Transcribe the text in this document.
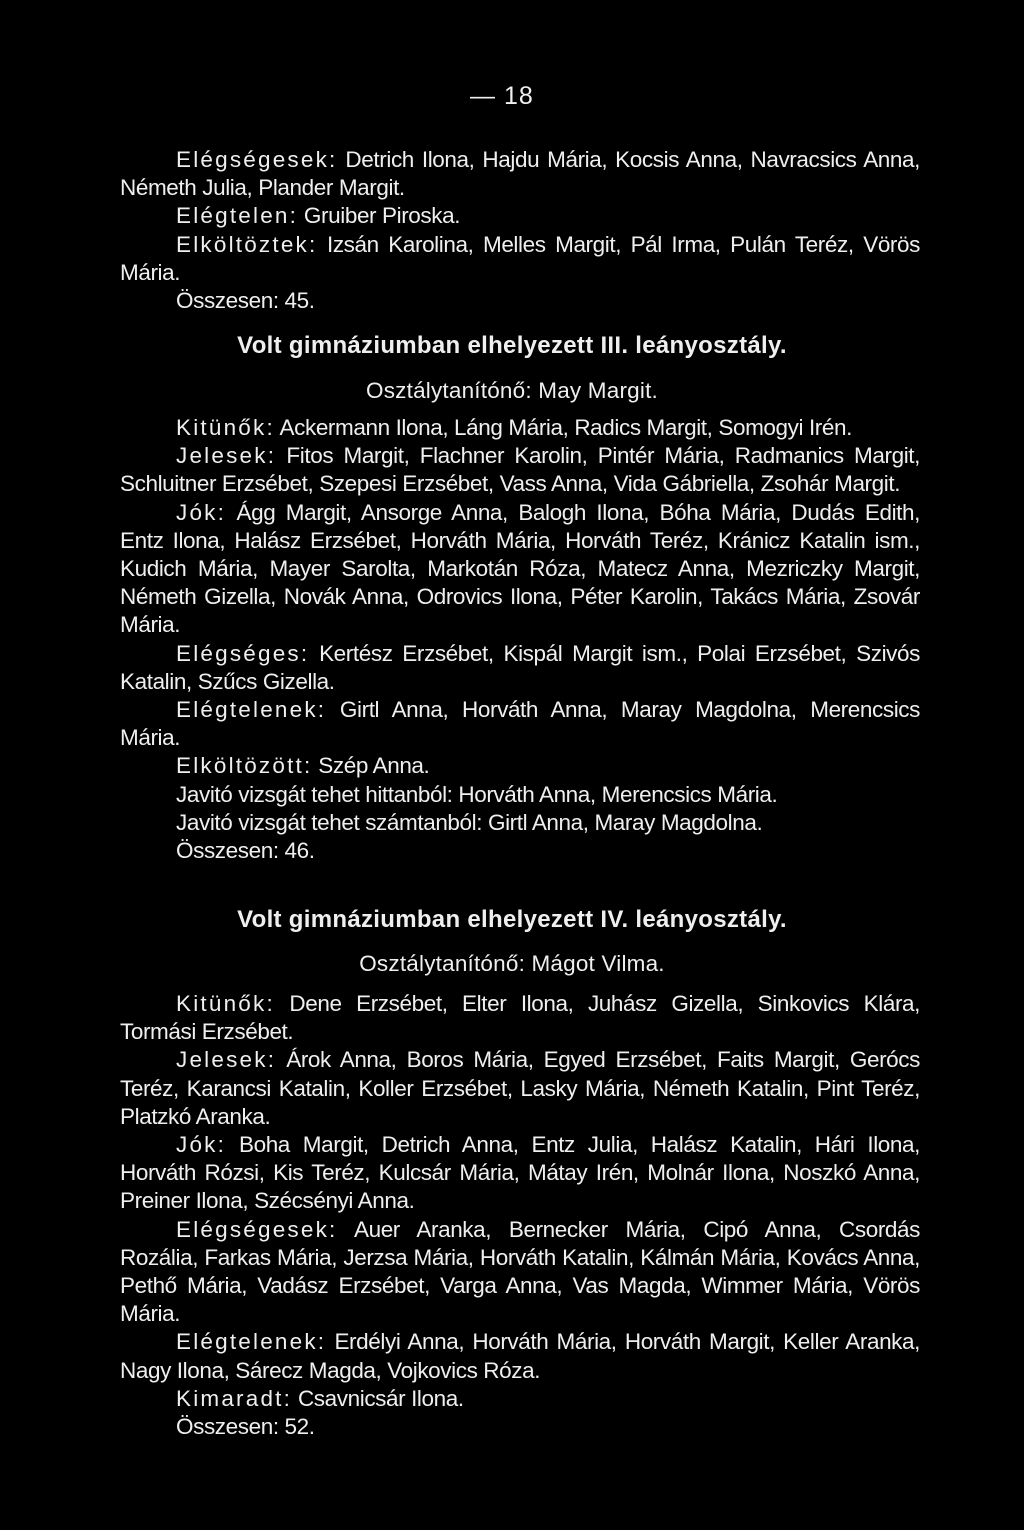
— 18

Elégségesek: Detrich Ilona, Hajdu Mária, Kocsis Anna, Navracsics Anna, Németh Julia, Plander Margit.

Elégtelen: Gruiber Piroska.

Elköltöztek: Izsán Karolina, Melles Margit, Pál Irma, Pulán Teréz, Vörös Mária.

Összesen: 45.

Volt gimnáziumban elhelyezett III. leányosztály.
Osztálytanítónő: May Margit.

Kitünők: Ackermann Ilona, Láng Mária, Radics Margit, Somogyi Irén.

Jelesek: Fitos Margit, Flachner Karolin, Pintér Mária, Radmanics Margit, Schluitner Erzsébet, Szepesi Erzsébet, Vass Anna, Vida Gábriella, Zsohár Margit.

Jók: Ágg Margit, Ansorge Anna, Balogh Ilona, Bóha Mária, Dudás Edith, Entz Ilona, Halász Erzsébet, Horváth Mária, Horváth Teréz, Kránicz Katalin ism., Kudich Mária, Mayer Sarolta, Markotán Róza, Matecz Anna, Mezriczky Margit, Németh Gizella, Novák Anna, Odrovics Ilona, Péter Karolin, Takács Mária, Zsovár Mária.

Elégséges: Kertész Erzsébet, Kispál Margit ism., Polai Erzsébet, Szivós Katalin, Szűcs Gizella.

Elégtelenek: Girtl Anna, Horváth Anna, Maray Magdolna, Merencsics Mária.

Elköltözött: Szép Anna.

Javitó vizsgát tehet hittanból: Horváth Anna, Merencsics Mária.

Javitó vizsgát tehet számtanból: Girtl Anna, Maray Magdolna.

Összesen: 46.

Volt gimnáziumban elhelyezett IV. leányosztály.
Osztálytanítónő: Mágot Vilma.

Kitünők: Dene Erzsébet, Elter Ilona, Juhász Gizella, Sinkovics Klára, Tormási Erzsébet.

Jelesek: Árok Anna, Boros Mária, Egyed Erzsébet, Faits Margit, Gerócs Teréz, Karancsi Katalin, Koller Erzsébet, Lasky Mária, Németh Katalin, Pint Teréz, Platzkó Aranka.

Jók: Boha Margit, Detrich Anna, Entz Julia, Halász Katalin, Hári Ilona, Horváth Rózsi, Kis Teréz, Kulcsár Mária, Mátay Irén, Molnár Ilona, Noszkó Anna, Preiner Ilona, Szécsényi Anna.

Elégségesek: Auer Aranka, Bernecker Mária, Cipó Anna, Csordás Rozália, Farkas Mária, Jerzsa Mária, Horváth Katalin, Kálmán Mária, Kovács Anna, Pethő Mária, Vadász Erzsébet, Varga Anna, Vas Magda, Wimmer Mária, Vörös Mária.

Elégtelenek: Erdélyi Anna, Horváth Mária, Horváth Margit, Keller Aranka, Nagy Ilona, Sárecz Magda, Vojkovics Róza.

Kimaradt: Csavnicsár Ilona.

Összesen: 52.
